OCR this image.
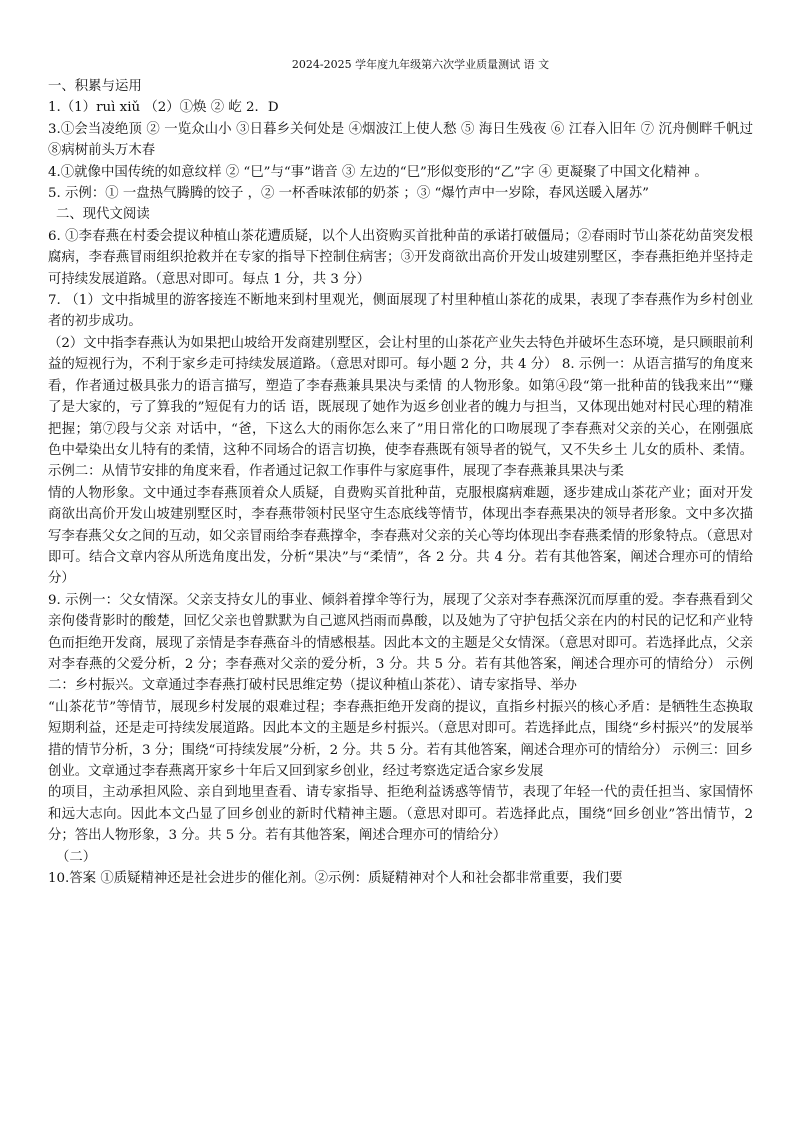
2024-2025 学年度九年级第六次学业质量测试 语 文

一、积累与运用

1.（1）ruì xiǔ （2）①焕 ② 屹 2．D

3.①会当凌绝顶 ② 一览众山小 ③日暮乡关何处是 ④烟波江上使人愁 ⑤ 海日生残夜 ⑥ 江春入旧年 ⑦ 沉舟侧畔千帆过 ⑧病树前头万木春

4.①就像中国传统的如意纹样 ② “巳”与“事”谐音 ③ 左边的“巳”形似变形的“乙”字 ④ 更凝聚了中国文化精神 。

5. 示例：① 一盘热气腾腾的饺子 ，② 一杯香味浓郁的奶茶 ；③ “爆竹声中一岁除，春风送暖入屠苏”

二、现代文阅读

6. ①李春燕在村委会提议种植山茶花遭质疑，以个人出资购买首批种苗的承诺打破僵局；②春雨时节山茶花幼苗突发根腐病，李春燕冒雨组织抢救并在专家的指导下控制住病害；③开发商欲出高价开发山坡建别墅区，李春燕拒绝并坚持走可持续发展道路。（意思对即可。每点 1 分，共 3 分）

7. （1）文中指城里的游客接连不断地来到村里观光，侧面展现了村里种植山茶花的成果，表现了李春燕作为乡村创业者的初步成功。

（2）文中指李春燕认为如果把山坡给开发商建别墅区，会让村里的山茶花产业失去特色并破坏生态环境，是只顾眼前利益的短视行为，不利于家乡走可持续发展道路。（意思对即可。每小题 2 分，共 4 分） 8. 示例一：从语言描写的角度来看，作者通过极具张力的语言描写，塑造了李春燕兼具果决与柔情 的人物形象。如第④段“第一批种苗的钱我来出”“赚了是大家的，亏了算我的”短促有力的话 语，既展现了她作为返乡创业者的魄力与担当，又体现出她对村民心理的精准把握；第⑦段与父亲 对话中，“爸，下这么大的雨你怎么来了”用日常化的口吻展现了李春燕对父亲的关心，在刚强底 色中晕染出女儿特有的柔情，这种不同场合的语言切换，使李春燕既有领导者的锐气，又不失乡土 儿女的质朴、柔情。 示例二：从情节安排的角度来看，作者通过记叙工作事件与家庭事件，展现了李春燕兼具果决与柔

情的人物形象。文中通过李春燕顶着众人质疑，自费购买首批种苗，克服根腐病难题，逐步建成山茶花产业；面对开发商欲出高价开发山坡建别墅区时，李春燕带领村民坚守生态底线等情节，体现出李春燕果决的领导者形象。文中多次描写李春燕父女之间的互动，如父亲冒雨给李春燕撑伞，李春燕对父亲的关心等均体现出李春燕柔情的形象特点。（意思对即可。结合文章内容从所选角度出发，分析“果决”与“柔情”，各 2 分。共 4 分。若有其他答案，阐述合理亦可的情给分）

9. 示例一：父女情深。父亲支持女儿的事业、倾斜着撑伞等行为，展现了父亲对李春燕深沉而厚重的爱。李春燕看到父亲佝偻背影时的酸楚，回忆父亲也曾默默为自己遮风挡雨而鼻酸，以及她为了守护包括父亲在内的村民的记忆和产业特色而拒绝开发商，展现了亲情是李春燕奋斗的情感根基。因此本文的主题是父女情深。（意思对即可。若选择此点，父亲对李春燕的父爱分析，2 分；李春燕对父亲的爱分析，3 分。共 5 分。若有其他答案，阐述合理亦可的情给分） 示例二：乡村振兴。文章通过李春燕打破村民思维定势（提议种植山茶花）、请专家指导、举办

“山茶花节”等情节，展现乡村发展的艰难过程；李春燕拒绝开发商的提议，直指乡村振兴的核心矛盾：是牺牲生态换取短期利益，还是走可持续发展道路。因此本文的主题是乡村振兴。（意思对即可。若选择此点，围绕“乡村振兴”的发展举措的情节分析，3 分；围绕“可持续发展”分析，2 分。共 5 分。若有其他答案，阐述合理亦可的情给分） 示例三：回乡创业。文章通过李春燕离开家乡十年后又回到家乡创业，经过考察选定适合家乡发展

的项目，主动承担风险、亲自到地里查看、请专家指导、拒绝利益诱惑等情节，表现了年轻一代的责任担当、家国情怀和远大志向。因此本文凸显了回乡创业的新时代精神主题。（意思对即可。若选择此点，围绕“回乡创业”答出情节，2 分；答出人物形象，3 分。共 5 分。若有其他答案，阐述合理亦可的情给分）

（二）

10.答案 ①质疑精神还是社会进步的催化剂。②示例：质疑精神对个人和社会都非常重要，我们要
